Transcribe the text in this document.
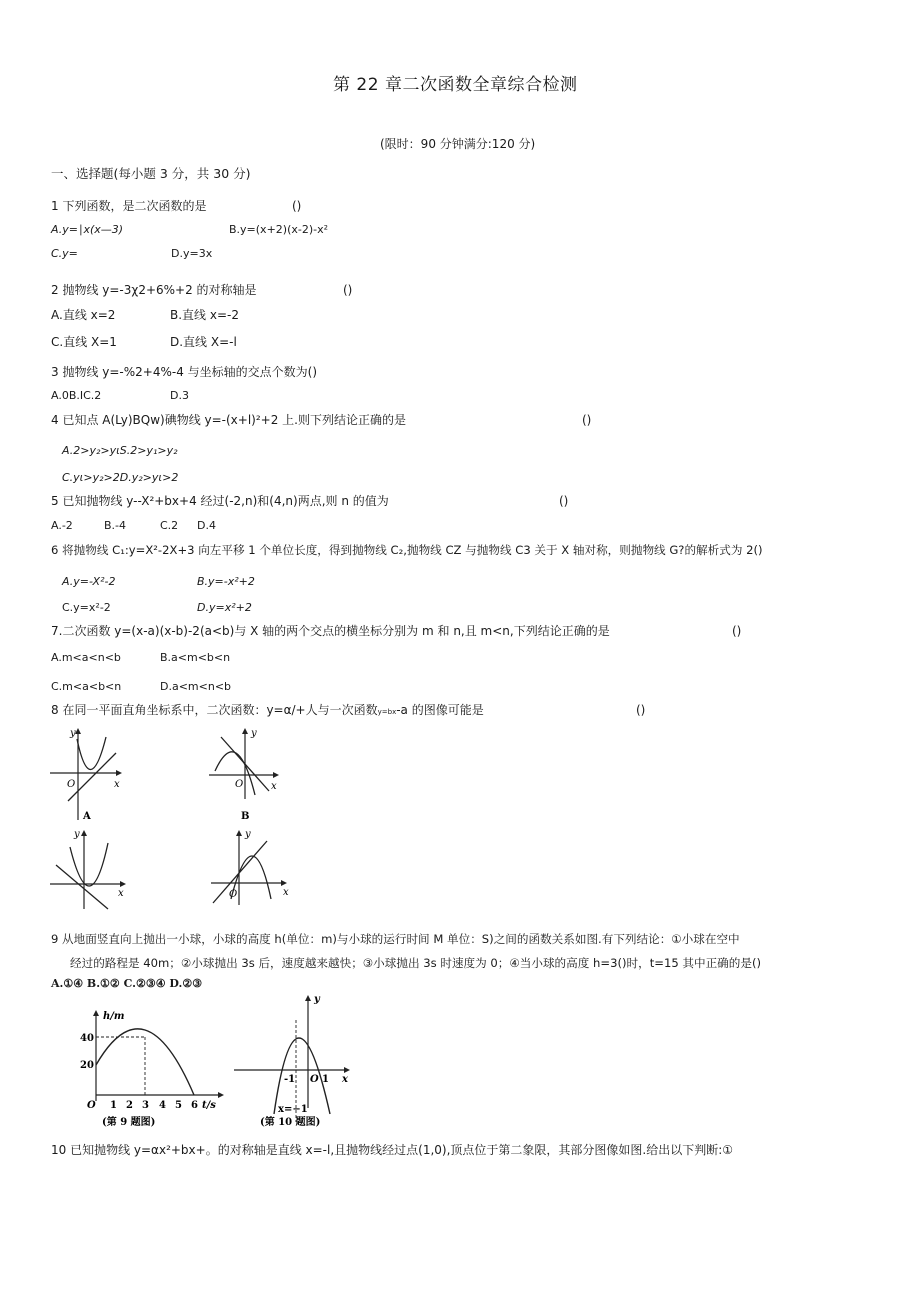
第 22 章二次函数全章综合检测
(限时：90 分钟满分:120 分)
一、选择题(每小题 3 分，共 30 分)
1 下列函数，是二次函数的是	()
A.y=∣x(x—3)	B.y=(x+2)(x-2)-x²
C.y=	D.y=3x
2 抛物线 y=-3χ2+6%+2 的对称轴是	()
A.直线 x=2	B.直线 x=-2
C.直线 X=1	D.直线 X=-l
3 抛物线 y=-%2+4%-4 与坐标轴的交点个数为()
A.0B.IC.2	D.3
4 已知点 A(Ly)BQw)碘物线 y=-(x+l)²+2 上.则下列结论正确的是	()
A.2>y₂>yιS.2>y₁>y₂
C.yι>y₂>2D.y₂>yι>2
5 已知抛物线 y--X²+bx+4 经过(-2,n)和(4,n)两点,则 n 的值为	()
A.-2	B.-4	C.2 D.4
6 将抛物线 C₁:y=X²-2X+3 向左平移 1 个单位长度，得到抛物线 C₂,抛物线 CZ 与抛物线 C3 关于 X 轴对称，则抛物线 G?的解析式为 2()
A.y=-X²-2	B.y=-x²+2
C.y=x²-2	D.y=x²+2
7.二次函数 y=(x-a)(x-b)-2(a<b)与 X 轴的两个交点的横坐标分别为 m 和 n,且 m<n,下列结论正确的是	()
A.m<a<n<b	B.a<m<b<n
C.m<a<b<n	D.a<m<n<b
8 在同一平面直角坐标系中，二次函数：y=α/+人与一次函数y=bx-a 的图像可能是	()
y
x
O
A
y
x
O
B
y
x
y
x
O
9 从地面竖直向上抛出一小球，小球的高度 h(单位：m)与小球的运行时间 M 单位：S)之间的函数关系如图.有下列结论：①小球在空中
经过的路程是 40m；②小球抛出 3s 后，速度越来越快；③小球抛出 3s 时速度为 0；④当小球的高度 h=3()时，t=15 其中正确的是()
A.①④ B.①② C.②③④ D.②③
h/m
40
20
O 1 2 3 4 5 6 t/s
(第 9 题图)
y
-1 O 1 x
x=−1
(第 10 题图)
10 已知抛物线 y=αx²+bx+。的对称轴是直线 x=-l,且抛物线经过点(1,0),顶点位于第二象限，其部分图像如图.给出以下判断:①
